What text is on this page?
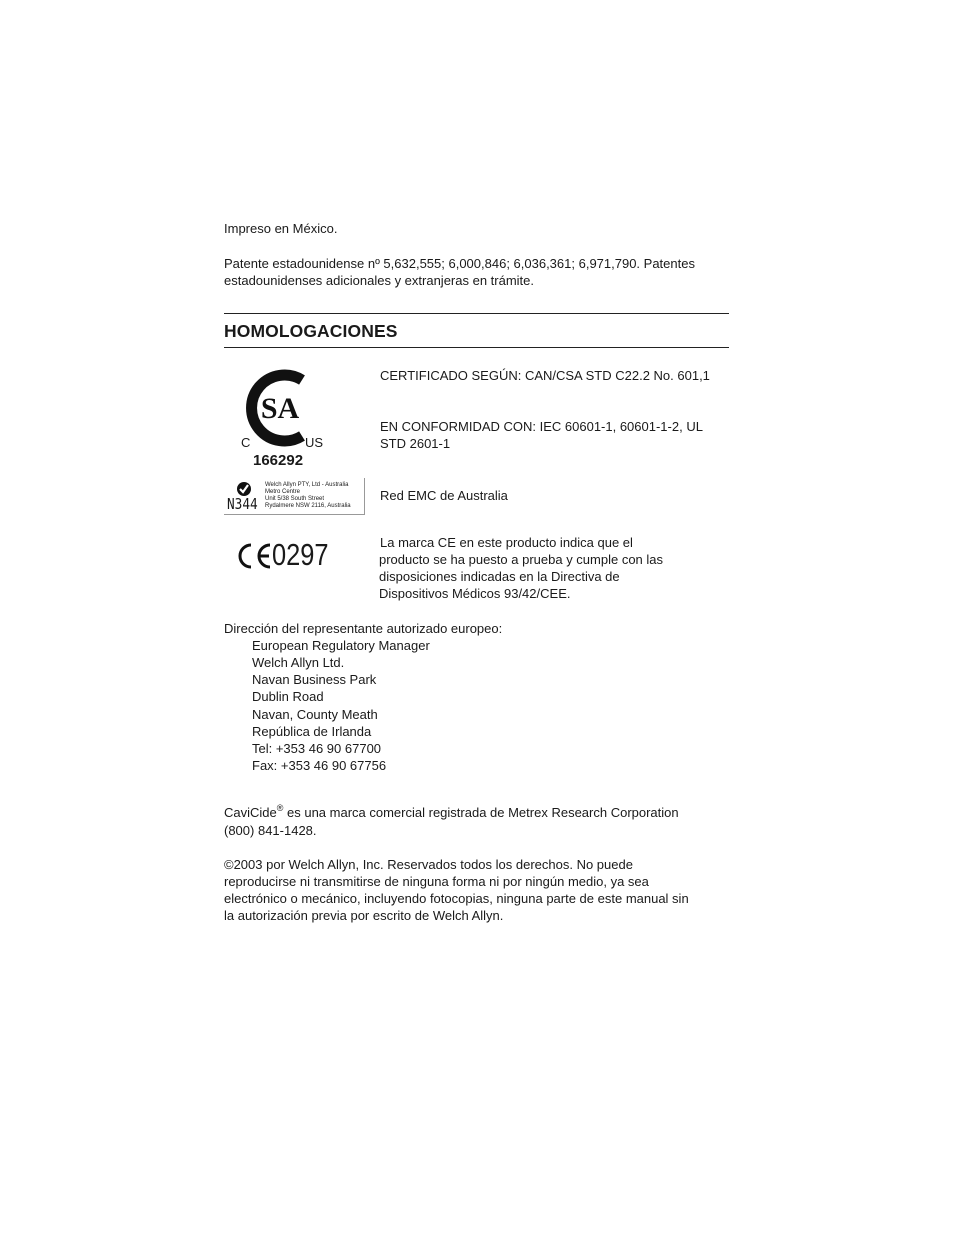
Impreso en México.
Patente estadounidense nº 5,632,555; 6,000,846; 6,036,361; 6,971,790. Patentes
estadounidenses adicionales y extranjeras en trámite.
HOMOLOGACIONES
SA
C	US
166292
CERTIFICADO SEGÚN: CAN/CSA STD C22.2 No. 601,1
EN CONFORMIDAD CON: IEC 60601-1, 60601-1-2, UL
STD 2601-1
N344
Welch Allyn PTY, Ltd - Australia
Metro Centre
Unit 5/38 South Street
Rydalmere NSW 2116, Australia
Red EMC de Australia
0297	La marca CE en este producto indica que el
producto se ha puesto a prueba y cumple con las
disposiciones indicadas en la Directiva de
Dispositivos Médicos 93/42/CEE.
Dirección del representante autorizado europeo:
European Regulatory Manager
Welch Allyn Ltd.
Navan Business Park
Dublin Road
Navan, County Meath
República de Irlanda
Tel: +353 46 90 67700
Fax: +353 46 90 67756
CaviCide® es una marca comercial registrada de Metrex Research Corporation
(800) 841-1428.
©2003 por Welch Allyn, Inc. Reservados todos los derechos. No puede
reproducirse ni transmitirse de ninguna forma ni por ningún medio, ya sea
electrónico o mecánico, incluyendo fotocopias, ninguna parte de este manual sin
la autorización previa por escrito de Welch Allyn.
